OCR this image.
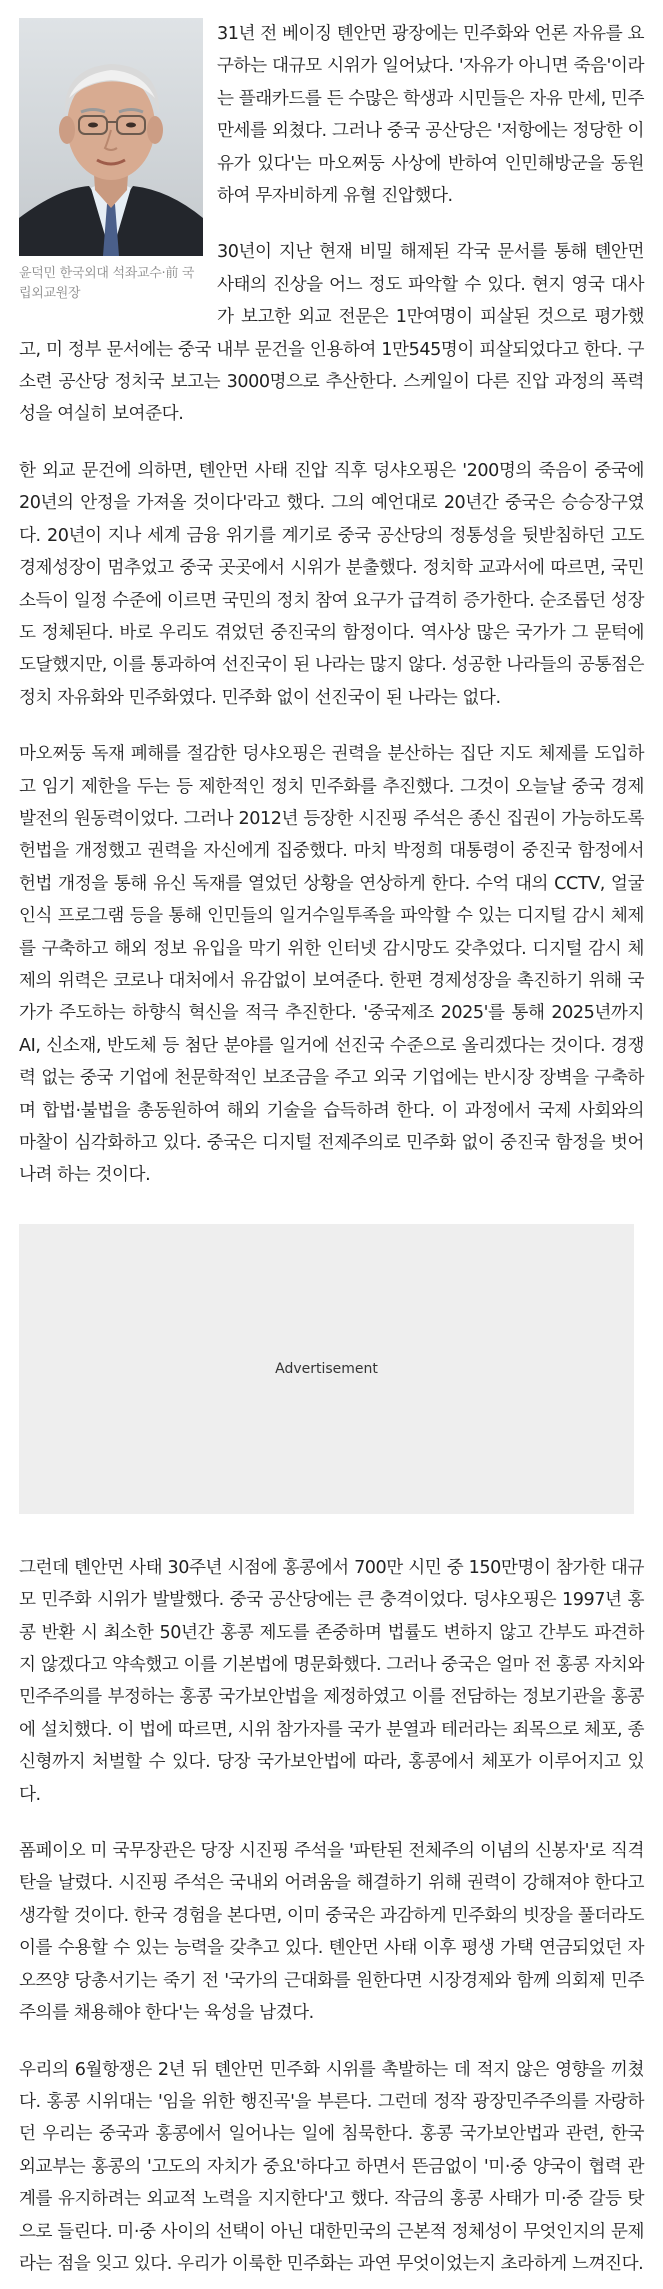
윤덕민 한국외대 석좌교수·前 국립외교원장

31년 전 베이징 톈안먼 광장에는 민주화와 언론 자유를 요구하는 대규모 시위가 일어났다. '자유가 아니면 죽음'이라는 플래카드를 든 수많은 학생과 시민들은 자유 만세, 민주 만세를 외쳤다. 그러나 중국 공산당은 '저항에는 정당한 이유가 있다'는 마오쩌둥 사상에 반하여 인민해방군을 동원하여 무자비하게 유혈 진압했다.

30년이 지난 현재 비밀 해제된 각국 문서를 통해 톈안먼 사태의 진상을 어느 정도 파악할 수 있다. 현지 영국 대사가 보고한 외교 전문은 1만여명이 피살된 것으로 평가했고, 미 정부 문서에는 중국 내부 문건을 인용하여 1만545명이 피살되었다고 한다. 구소련 공산당 정치국 보고는 3000명으로 추산한다. 스케일이 다른 진압 과정의 폭력성을 여실히 보여준다.

한 외교 문건에 의하면, 톈안먼 사태 진압 직후 덩샤오핑은 '200명의 죽음이 중국에 20년의 안정을 가져올 것이다'라고 했다. 그의 예언대로 20년간 중국은 승승장구였다. 20년이 지나 세계 금융 위기를 계기로 중국 공산당의 정통성을 뒷받침하던 고도 경제성장이 멈추었고 중국 곳곳에서 시위가 분출했다. 정치학 교과서에 따르면, 국민소득이 일정 수준에 이르면 국민의 정치 참여 요구가 급격히 증가한다. 순조롭던 성장도 정체된다. 바로 우리도 겪었던 중진국의 함정이다. 역사상 많은 국가가 그 문턱에 도달했지만, 이를 통과하여 선진국이 된 나라는 많지 않다. 성공한 나라들의 공통점은 정치 자유화와 민주화였다. 민주화 없이 선진국이 된 나라는 없다.

마오쩌둥 독재 폐해를 절감한 덩샤오핑은 권력을 분산하는 집단 지도 체제를 도입하고 임기 제한을 두는 등 제한적인 정치 민주화를 추진했다. 그것이 오늘날 중국 경제 발전의 원동력이었다. 그러나 2012년 등장한 시진핑 주석은 종신 집권이 가능하도록 헌법을 개정했고 권력을 자신에게 집중했다. 마치 박정희 대통령이 중진국 함정에서 헌법 개정을 통해 유신 독재를 열었던 상황을 연상하게 한다. 수억 대의 CCTV, 얼굴 인식 프로그램 등을 통해 인민들의 일거수일투족을 파악할 수 있는 디지털 감시 체제를 구축하고 해외 정보 유입을 막기 위한 인터넷 감시망도 갖추었다. 디지털 감시 체제의 위력은 코로나 대처에서 유감없이 보여준다. 한편 경제성장을 촉진하기 위해 국가가 주도하는 하향식 혁신을 적극 추진한다. '중국제조 2025'를 통해 2025년까지 AI, 신소재, 반도체 등 첨단 분야를 일거에 선진국 수준으로 올리겠다는 것이다. 경쟁력 없는 중국 기업에 천문학적인 보조금을 주고 외국 기업에는 반시장 장벽을 구축하며 합법·불법을 총동원하여 해외 기술을 습득하려 한다. 이 과정에서 국제 사회와의 마찰이 심각화하고 있다. 중국은 디지털 전제주의로 민주화 없이 중진국 함정을 벗어나려 하는 것이다.

Advertisement

그런데 톈안먼 사태 30주년 시점에 홍콩에서 700만 시민 중 150만명이 참가한 대규모 민주화 시위가 발발했다. 중국 공산당에는 큰 충격이었다. 덩샤오핑은 1997년 홍콩 반환 시 최소한 50년간 홍콩 제도를 존중하며 법률도 변하지 않고 간부도 파견하지 않겠다고 약속했고 이를 기본법에 명문화했다. 그러나 중국은 얼마 전 홍콩 자치와 민주주의를 부정하는 홍콩 국가보안법을 제정하였고 이를 전담하는 정보기관을 홍콩에 설치했다. 이 법에 따르면, 시위 참가자를 국가 분열과 테러라는 죄목으로 체포, 종신형까지 처벌할 수 있다. 당장 국가보안법에 따라, 홍콩에서 체포가 이루어지고 있다.

폼페이오 미 국무장관은 당장 시진핑 주석을 '파탄된 전체주의 이념의 신봉자'로 직격탄을 날렸다. 시진핑 주석은 국내외 어려움을 해결하기 위해 권력이 강해져야 한다고 생각할 것이다. 한국 경험을 본다면, 이미 중국은 과감하게 민주화의 빗장을 풀더라도 이를 수용할 수 있는 능력을 갖추고 있다. 톈안먼 사태 이후 평생 가택 연금되었던 자오쯔양 당총서기는 죽기 전 '국가의 근대화를 원한다면 시장경제와 함께 의회제 민주주의를 채용해야 한다'는 육성을 남겼다.

우리의 6월항쟁은 2년 뒤 톈안먼 민주화 시위를 촉발하는 데 적지 않은 영향을 끼쳤다. 홍콩 시위대는 '임을 위한 행진곡'을 부른다. 그런데 정작 광장민주주의를 자랑하던 우리는 중국과 홍콩에서 일어나는 일에 침묵한다. 홍콩 국가보안법과 관련, 한국 외교부는 홍콩의 '고도의 자치가 중요'하다고 하면서 뜬금없이 '미·중 양국이 협력 관계를 유지하려는 외교적 노력을 지지한다'고 했다. 작금의 홍콩 사태가 미·중 갈등 탓으로 들린다. 미·중 사이의 선택이 아닌 대한민국의 근본적 정체성이 무엇인지의 문제라는 점을 잊고 있다. 우리가 이룩한 민주화는 과연 무엇이었는지 초라하게 느껴진다.
